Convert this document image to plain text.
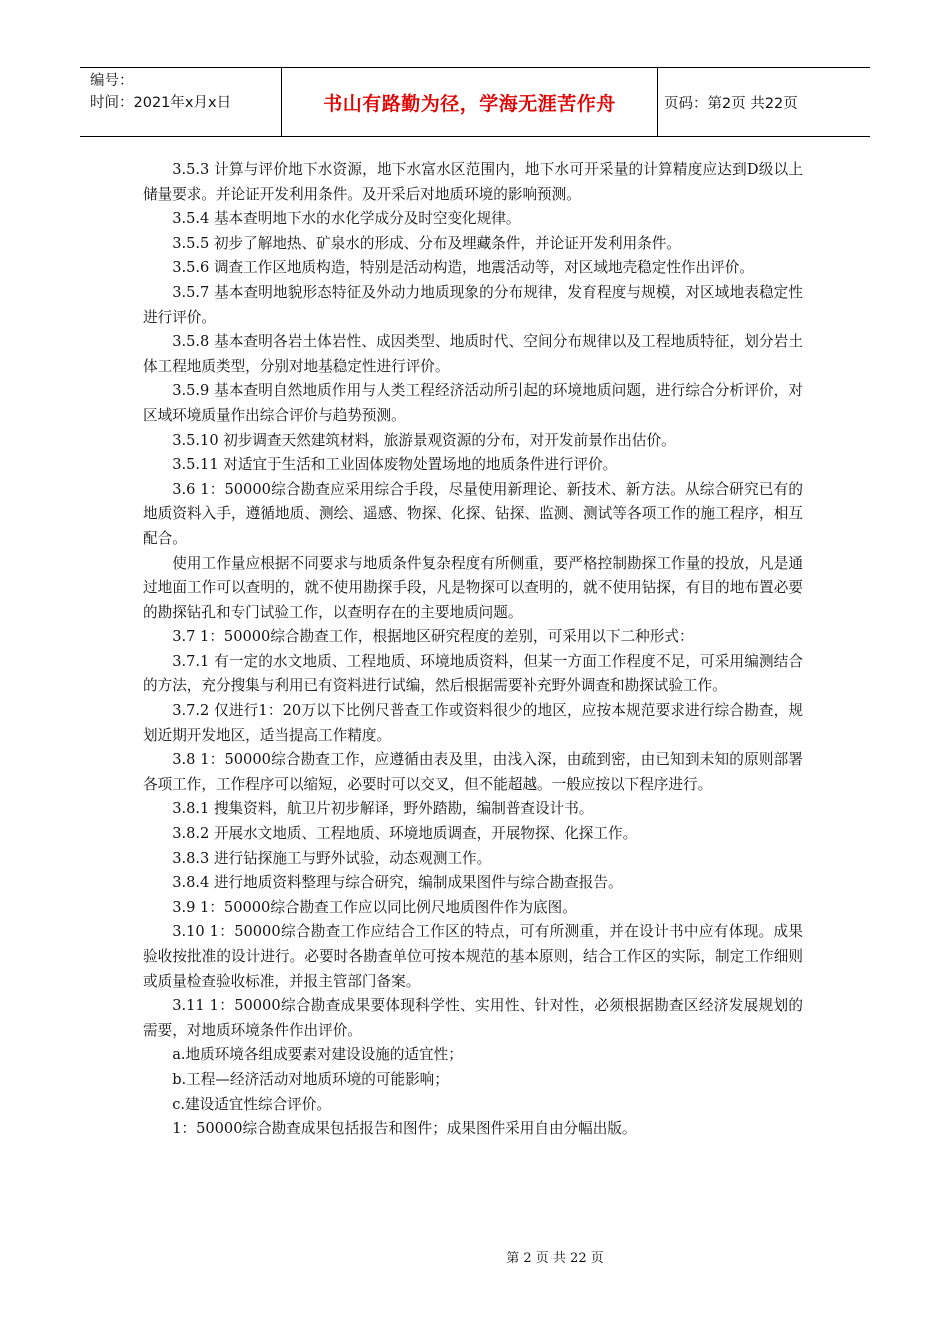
编号：
时间：2021年x月x日	书山有路勤为径，学海无涯苦作舟	页码：第2页 共22页

3.5.3 计算与评价地下水资源，地下水富水区范围内，地下水可开采量的计算精度应达到D级以上储量要求。并论证开发利用条件。及开采后对地质环境的影响预测。

3.5.4 基本查明地下水的水化学成分及时空变化规律。

3.5.5 初步了解地热、矿泉水的形成、分布及埋藏条件，并论证开发利用条件。

3.5.6 调查工作区地质构造，特别是活动构造，地震活动等，对区域地壳稳定性作出评价。

3.5.7 基本查明地貌形态特征及外动力地质现象的分布规律，发育程度与规模，对区域地表稳定性进行评价。

3.5.8 基本查明各岩土体岩性、成因类型、地质时代、空间分布规律以及工程地质特征，划分岩土体工程地质类型，分别对地基稳定性进行评价。

3.5.9 基本查明自然地质作用与人类工程经济活动所引起的环境地质问题，进行综合分析评价，对区域环境质量作出综合评价与趋势预测。

3.5.10 初步调查天然建筑材料，旅游景观资源的分布，对开发前景作出估价。

3.5.11 对适宜于生活和工业固体废物处置场地的地质条件进行评价。

3.6 1：50000综合勘查应采用综合手段，尽量使用新理论、新技术、新方法。从综合研究已有的地质资料入手，遵循地质、测绘、遥感、物探、化探、钻探、监测、测试等各项工作的施工程序，相互配合。

使用工作量应根据不同要求与地质条件复杂程度有所侧重，要严格控制勘探工作量的投放，凡是通过地面工作可以查明的，就不使用勘探手段，凡是物探可以查明的，就不使用钻探，有目的地布置必要的勘探钻孔和专门试验工作，以查明存在的主要地质问题。

3.7 1：50000综合勘查工作，根据地区研究程度的差别，可采用以下二种形式：

3.7.1 有一定的水文地质、工程地质、环境地质资料，但某一方面工作程度不足，可采用编测结合的方法，充分搜集与利用已有资料进行试编，然后根据需要补充野外调查和勘探试验工作。

3.7.2 仅进行1：20万以下比例尺普查工作或资料很少的地区，应按本规范要求进行综合勘查，规划近期开发地区，适当提高工作精度。

3.8 1：50000综合勘查工作，应遵循由表及里，由浅入深，由疏到密，由已知到未知的原则部署各项工作，工作程序可以缩短，必要时可以交叉，但不能超越。一般应按以下程序进行。

3.8.1 搜集资料，航卫片初步解译，野外踏勘，编制普查设计书。

3.8.2 开展水文地质、工程地质、环境地质调查，开展物探、化探工作。

3.8.3 进行钻探施工与野外试验，动态观测工作。

3.8.4 进行地质资料整理与综合研究，编制成果图件与综合勘查报告。

3.9 1：50000综合勘查工作应以同比例尺地质图件作为底图。

3.10 1：50000综合勘查工作应结合工作区的特点，可有所测重，并在设计书中应有体现。成果验收按批准的设计进行。必要时各勘查单位可按本规范的基本原则，结合工作区的实际，制定工作细则或质量检查验收标准，并报主管部门备案。

3.11 1：50000综合勘查成果要体现科学性、实用性、针对性，必须根据勘查区经济发展规划的需要，对地质环境条件作出评价。

a.地质环境各组成要素对建设设施的适宜性；

b.工程—经济活动对地质环境的可能影响；

c.建设适宜性综合评价。

1：50000综合勘查成果包括报告和图件；成果图件采用自由分幅出版。

第 2 页 共 22 页
